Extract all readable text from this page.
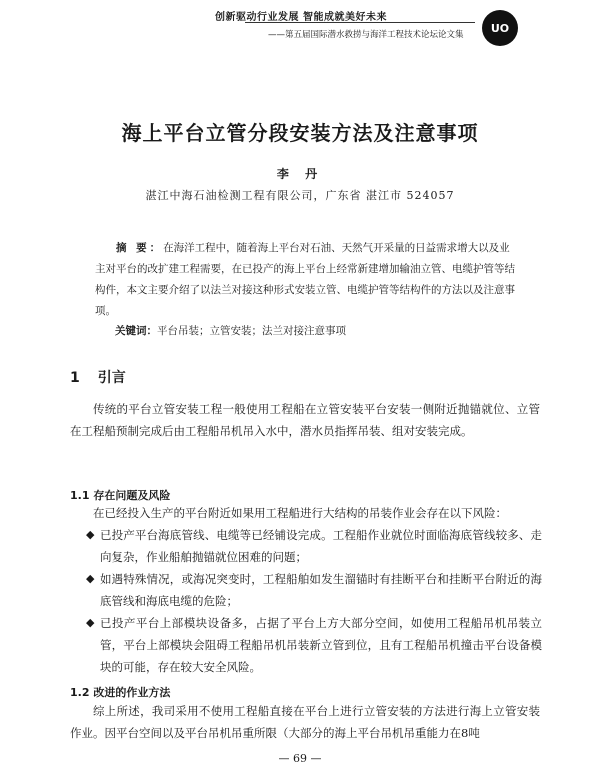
创新驱动行业发展 智能成就美好未来
——第五届国际潜水救捞与海洋工程技术论坛论文集
UO
海上平台立管分段安装方法及注意事项
李 丹
湛江中海石油检测工程有限公司，广东省 湛江市 524057
摘 要：在海洋工程中，随着海上平台对石油、天然气开采量的日益需求增大以及业主对平台的改扩建工程需要，在已投产的海上平台上经常新建增加输油立管、电缆护管等结构件，本文主要介绍了以法兰对接这种形式安装立管、电缆护管等结构件的方法以及注意事项。
关键词：平台吊装；立管安装；法兰对接注意事项
1 引言
传统的平台立管安装工程一般使用工程船在立管安装平台安装一侧附近抛锚就位、立管在工程船预制完成后由工程船吊机吊入水中，潜水员指挥吊装、组对安装完成。
1.1 存在问题及风险
在已经投入生产的平台附近如果用工程船进行大结构的吊装作业会存在以下风险：
◆ 已投产平台海底管线、电缆等已经铺设完成。工程船作业就位时面临海底管线较多、走向复杂，作业船舶抛锚就位困难的问题；
◆ 如遇特殊情况，或海况突变时，工程船舶如发生溜锚时有挂断平台和挂断平台附近的海底管线和海底电缆的危险；
◆ 已投产平台上部模块设备多，占据了平台上方大部分空间，如使用工程船吊机吊装立管，平台上部模块会阻碍工程船吊机吊装新立管到位，且有工程船吊机撞击平台设备模块的可能，存在较大安全风险。
1.2 改进的作业方法
综上所述，我司采用不使用工程船直接在平台上进行立管安装的方法进行海上立管安装作业。因平台空间以及平台吊机吊重所限（大部分的海上平台吊机吊重能力在8吨
— 69 —
